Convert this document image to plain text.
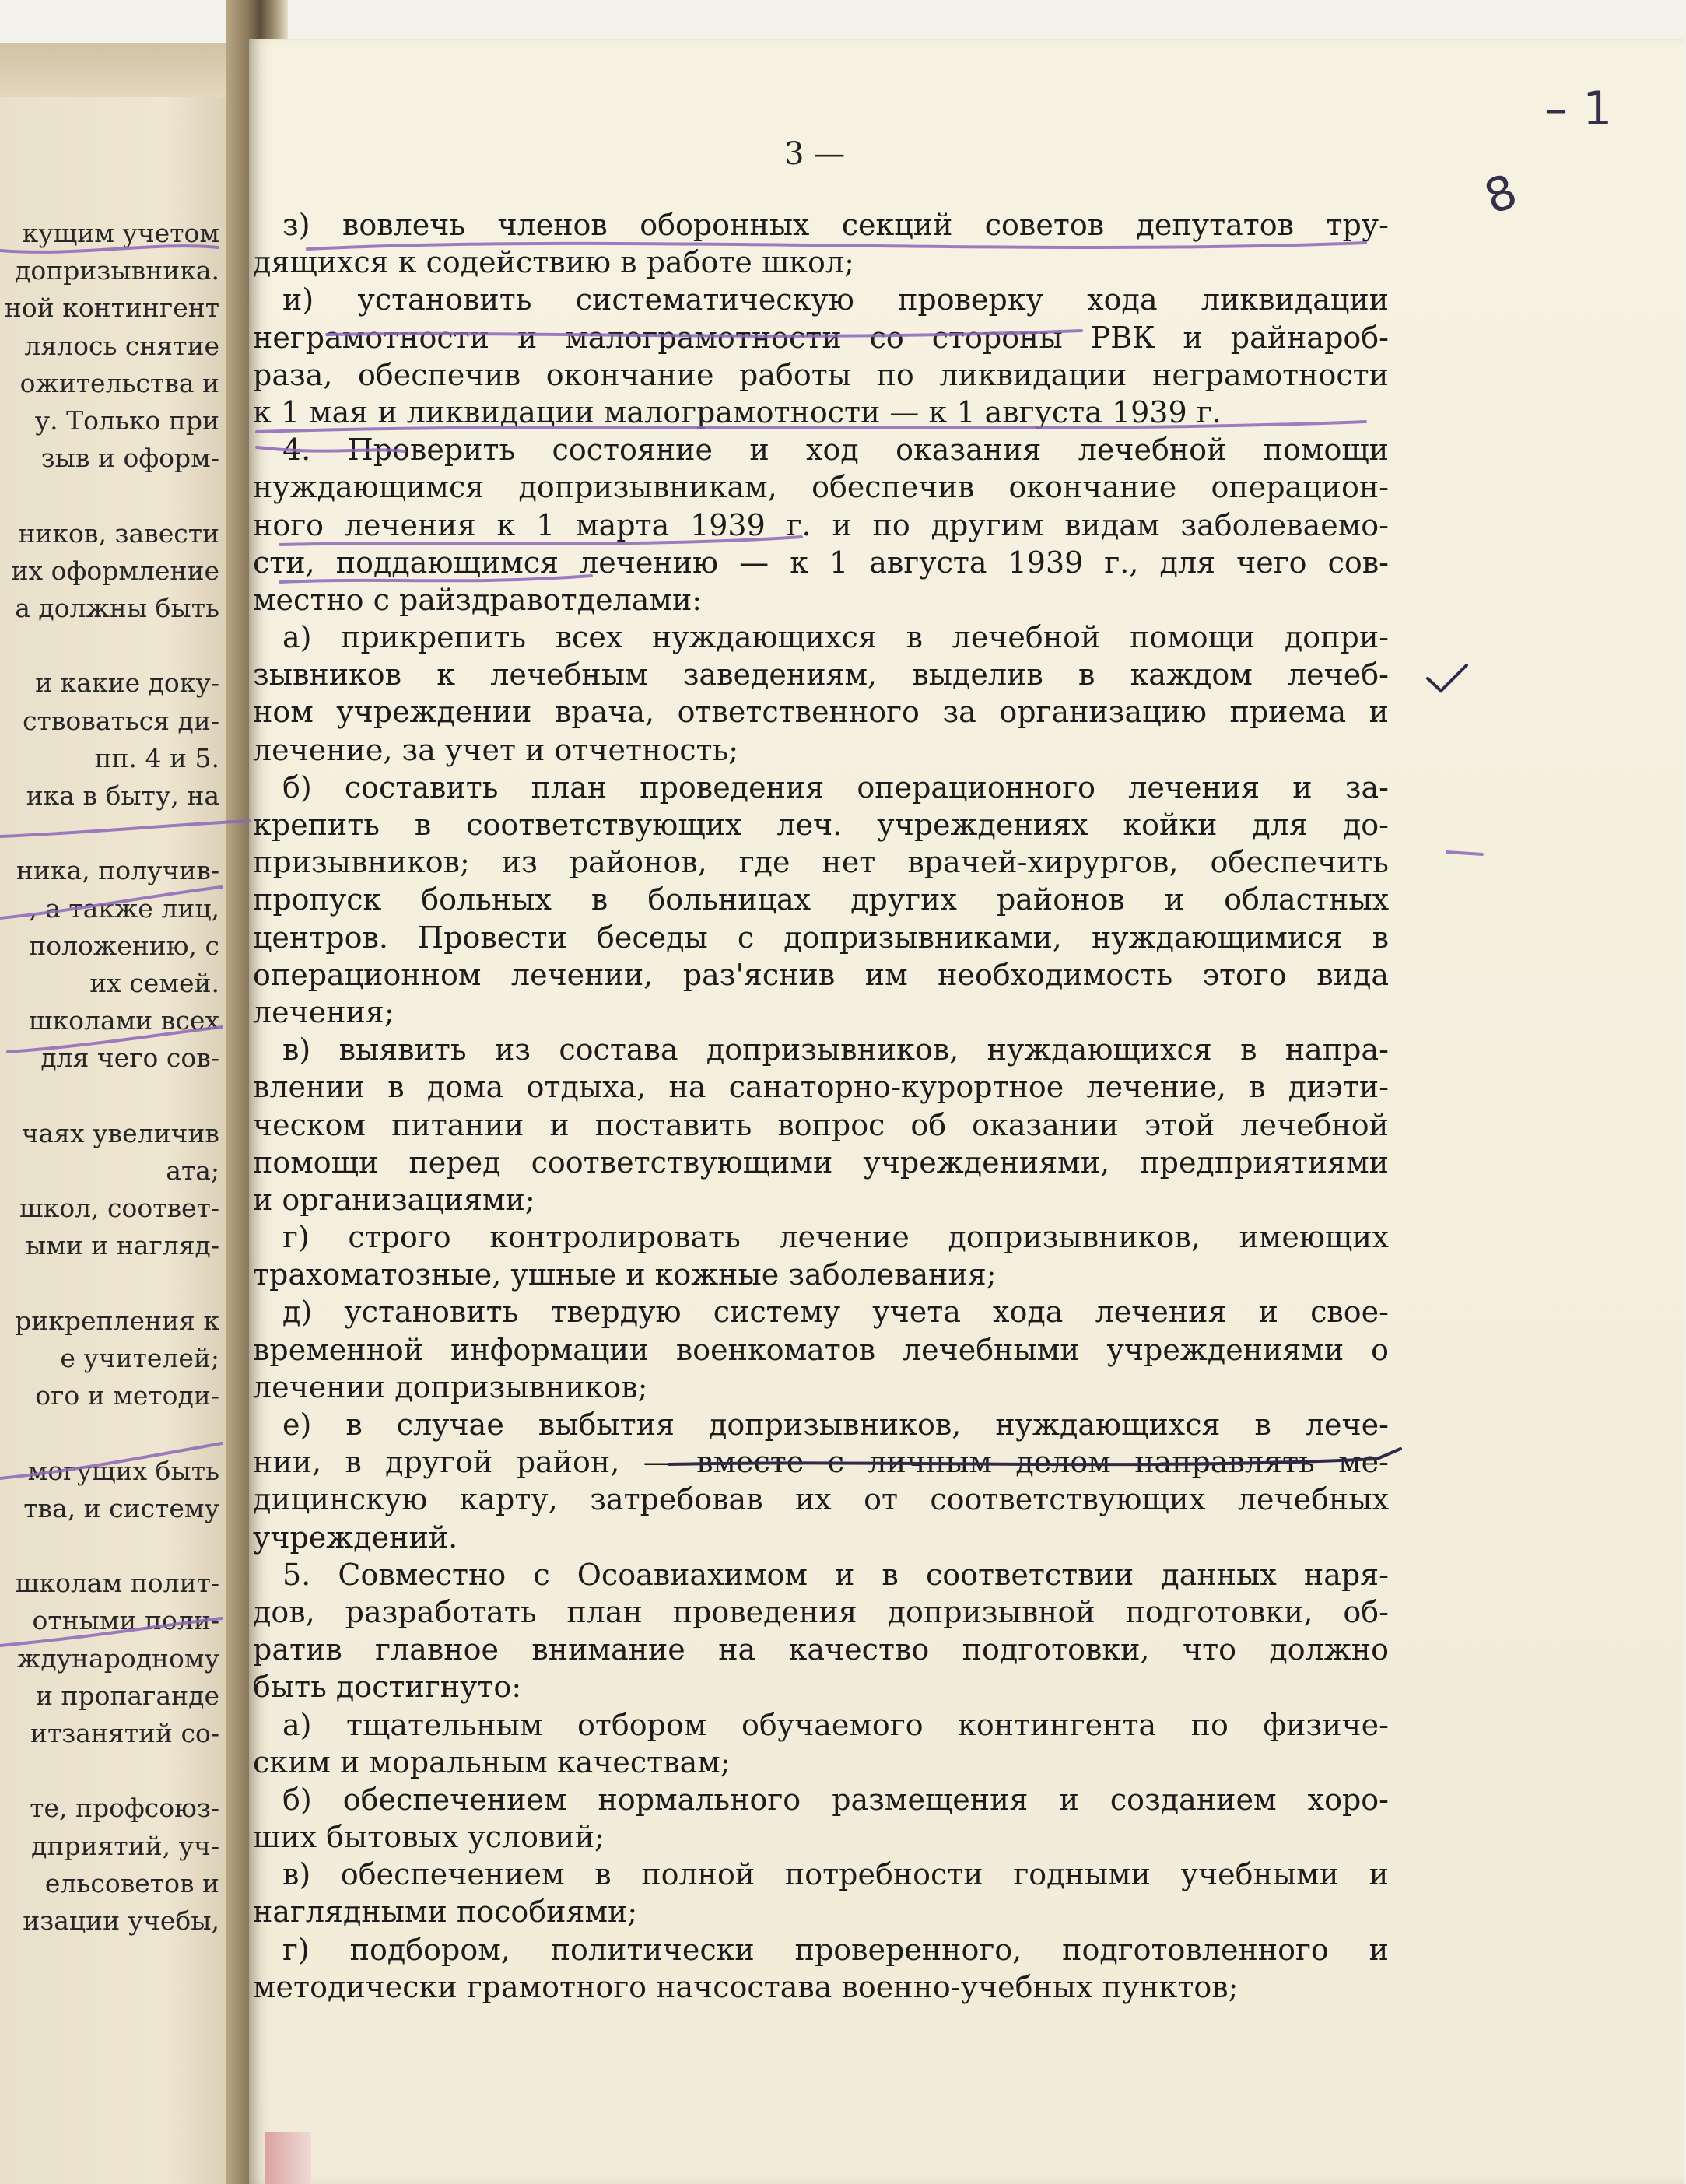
кущим учетом
допризывника.
ной контингент
лялось снятие
ожительства и
у. Только при
зыв и оформ-
ников, завести
их оформление
а должны быть
и какие доку-
ствоваться ди-
пп. 4 и 5.
ика в быту, на
ника, получив-
, а также лиц,
положению, с
их семей.
школами всех
для чего сов-
чаях увеличив
ата;
школ, соответ-
ыми и нагляд-
рикрепления к
е учителей;
ого и методи-
могущих быть
тва, и систему
школам полит-
отными поли-
ждународному
и пропаганде
итзанятий со-
те, профсоюз-
дприятий, уч-
ельсоветов и
изации учебы,
3 —
з) вовлечь членов оборонных секций советов депутатов тру-
дящихся к содействию в работе школ;
и) установить систематическую проверку хода ликвидации
неграмотности и малограмотности со стороны РВК и райнароб-
раза, обеспечив окончание работы по ликвидации неграмотности
к 1 мая и ликвидации малограмотности — к 1 августа 1939 г.
4. Проверить состояние и ход оказания лечебной помощи
нуждающимся допризывникам, обеспечив окончание операцион-
ного лечения к 1 марта 1939 г. и по другим видам заболеваемо-
сти, поддающимся лечению — к 1 августа 1939 г., для чего сов-
местно с райздравотделами:
а) прикрепить всех нуждающихся в лечебной помощи допри-
зывников к лечебным заведениям, выделив в каждом лечеб-
ном учреждении врача, ответственного за организацию приема и
лечение, за учет и отчетность;
б) составить план проведения операционного лечения и за-
крепить в соответствующих леч. учреждениях койки для до-
призывников; из районов, где нет врачей-хирургов, обеспечить
пропуск больных в больницах других районов и областных
центров. Провести беседы с допризывниками, нуждающимися в
операционном лечении, раз'яснив им необходимость этого вида
лечения;
в) выявить из состава допризывников, нуждающихся в напра-
влении в дома отдыха, на санаторно-курортное лечение, в диэти-
ческом питании и поставить вопрос об оказании этой лечебной
помощи перед соответствующими учреждениями, предприятиями
и организациями;
г) строго контролировать лечение допризывников, имеющих
трахоматозные, ушные и кожные заболевания;
д) установить твердую систему учета хода лечения и свое-
временной информации военкоматов лечебными учреждениями о
лечении допризывников;
е) в случае выбытия допризывников, нуждающихся в лече-
нии, в другой район, — вместе с личным делом направлять ме-
дицинскую карту, затребовав их от соответствующих лечебных
учреждений.
5. Совместно с Осоавиахимом и в соответствии данных наря-
дов, разработать план проведения допризывной подготовки, об-
ратив главное внимание на качество подготовки, что должно
быть достигнуто:
а) тщательным отбором обучаемого контингента по физиче-
ским и моральным качествам;
б) обеспечением нормального размещения и созданием хоро-
ших бытовых условий;
в) обеспечением в полной потребности годными учебными и
наглядными пособиями;
г) подбором, политически проверенного, подготовленного и
методически грамотного начсостава военно-учебных пунктов;
– 1
8
